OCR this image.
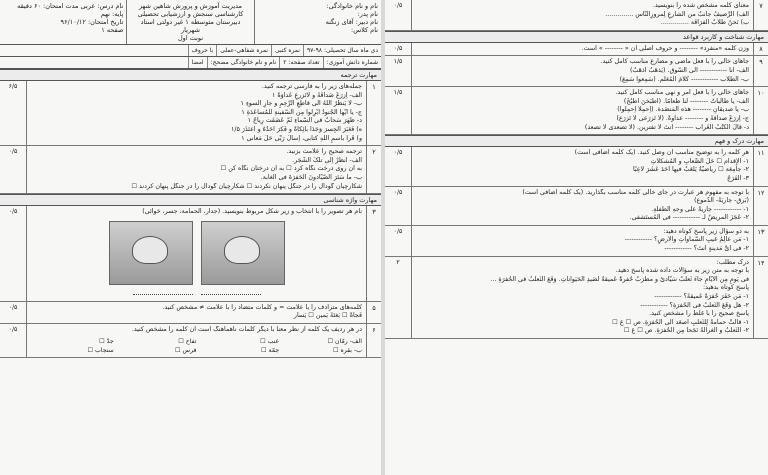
نام و نام خانوادگی:
نام پدر:
نام دبیر: آقای زنگنه
نام کلاس:
مدیریت آموزش و پرورش شاهین شهر
کارشناسی سنجش و ارزشیابی تحصیلی
دبیرستان متوسطه ۱ غیر دولتی استاد شهریار
نوبت اول
نام درس: عربی مدت امتحان: ۶۰ دقیقه
پایه: نهم
تاریخ امتحان: ۹۶/۱۰/۱۲
صفحه ۱
دی ماه سال تحصیلی: ۹۸-۹۷
نمره کتبی
نمره شفاهی-عملی
با حروف
شماره دانش آموزی:
تعداد صفحه: ۲
نام و نام خانوادگی مصحح:
امضا
مهارت ترجمه
۱
جمله‌های زیر را به فارسی ترجمه کنید.
الف- اِزرَعْ صَداقَةً و لاتَزرعِ عَداوَةً ۱
ب- لا یَنظُرُ اللهُ الی قاطِعِ الرَّحِمِ و جارِ السوءِ ۱
ج- یا أیُّها الجُنودُ ابْرِلوا مِن السَّفینةِ للمُساعَدَةِ ۱
د- ظَهَرَ سَحابٌ فی السَّماءِ ثُمَّ عَصَفَت رِیاحٌ ۱
ه) فَعَبَرَ الجِسرَ وَجَدَا بائِکاةً و فَکَّرَ أحَدُهُ و اَعتَذَرَ ۱/۵
و) قُرأْ باسمِ اللهِ کتابی، اِسألْ رَبِّی حَلَّ مَعانی ۱
۶/۵
۲
ترجمه صحیح را علامت بزنید.
الف- أُنظُرْ اِلی تلکَ الشَّجَر.
به آن روی درخت نگاه کرد ☐ به آن درختان نگاه کن ☐
ب- ما سَتَرَ الصَّیّادونَ الحَفرَةَ فی الغابة.
شکارچیان گودال را در جنگل پنهان نکردند ☐ شکارچیان گودال را در جنگل پنهان کردند ☐
۰/۵
مهارت واژه شناسی
۳
نام هر تصویر را با انتخاب و زیر شکل مربوط بنویسید. (جدار، الحمامة، جسر، حَوائی)
۰/۵
۵
کلمه‌های مترادف را با علامت = و کلمات متضاد را با علامت ≠ مشخص کنید.
فَجأةً ☐ بَغتَةً یَمین ☐ یَسار
۰/۵
۶
در هر ردیف یک کلمه از نظر معنا با دیگر کلمات ناهماهنگ است آن کلمه را مشخص کنید.
الف- رمّان ☐
عنب ☐
تفاح ☐
جدّ ☐
ب- بقره ☐
جمّة ☐
فرس ☐
سنجاب ☐
۰/۵
۷
معنای کلمه مشخص شده را بنویسید.
الف) اَلرَّصیفُ جانبٌ من الشارعِ لِمرورِالنّاس ..............
ب) نَحنُ طُلّابٌ الفرَاقَة ..............
۰/۵
مهارت شناخت و کاربرد قواعد
۸
وزن کلمه «منفرد» -------- و حروف اصلی آن « -------- » است.
۰/۵
۹
جاهای خالی را با فعل ماضی و مضارع مناسب کامل کنید.
الف- أنا ------------ الی السّوق. (یَذهَبُ أذهَبُ)
ب- الطُّلّاب ------------ کلامَ المُعَلِّم. (سَمِعوا سَمِعَ)
۱/۵
۱۰
جاهای خالی را با فعل امر و نهی مناسب کامل کنید.
الف- یا طالباتُ -------- لنا طعامًا. (اُطْبَخنَ اُطْبُخْ)
ب- یا صدیقانِ -------- هذه المَنضَدة. (اِحمِلا اِحمِلوا)
ج- اِزرَعْ صداقةً و -------- عداوةً. (لا تَزرَعی لا تَزرَع)
د- قالَ الکُتُبُ الغَراب -------- أنتَ لا تفترین. (لا تصعدی لا تصعد)
۱/۵
مهارت درک و فهم
۱۱
هر کلمه را به توضیح مناسب آن وصل کنید. (یک کلمه اضافی است)
۱- اَلإِقدام ☐ حَلُّ الصِّعابِ و المُشکلاتِ
۲- جامِعَة ☐ ریاضیَّةٌ یَلعَبُ فیها أحَدَ عَشَرَ لاعِبًا
۳- الفَرَجُ
۰/۵
۱۲
با توجه به مفهوم هر عبارت در جای خالی کلمه مناسب بگذارید. (یک کلمه اضافی است)
(بَرق- جاریَةٌ- الدَّموع)
۱- ------------ جاریةٌ علی وجهِ الطّفلةِ.
۲- عَجَزَ المریضُ لَـ ------------ فی المُستَشفی.
۰/۵
۱۳
به دو سؤال زیر پاسخ کوتاه دهید:
۱- مَن عالِمُ غیبِ السّماواتِ والأرضِ؟ ------------
۲- فی أیِّ مَدینةٍ أنتَ؟ ------------
۰/۵
۱۴
درک مطلب:
با توجه به متن زیر به سؤالات داده شده پاسخ دهید.
فی یَومٍ مِن الأیّامِ جاءَ ثَعلَبٌ سَیّادیٌ و مطرَبٌ حُفرةٌ عَمیقةٌ لصَیدِ الحَیَواناتِ. وَقَعَ الثَّعلَبُ فی الحُفرَةِ ...
پاسخ کوتاه بدهید:
۱- مَن حَفَرَ حُفرَةً عَمیقةً؟ ------------
۲- هل وَقَعَ الثَّعلَبُ فی الحُفرَةِ؟ ------------
پاسخ صحیح را با غلط را مشخص کنید.
۱- قالَتْ حمامةٌ لِلثَّعلبِ أصعَد الی الحُفرَةِ. ص ☐ غ ☐
۲- الثّعلبُ و الغرالةُ نَجَحا مِن الحُفرَةِ. ص ☐ غ ☐
۲
